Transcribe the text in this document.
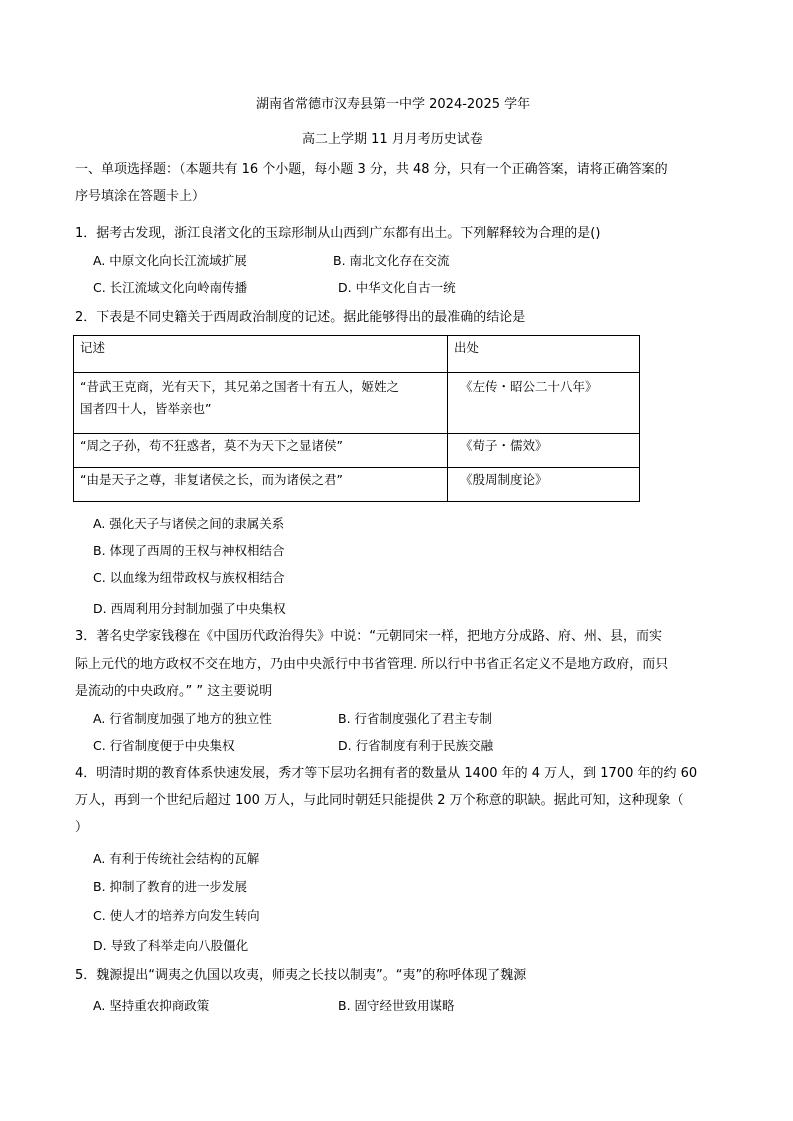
湖南省常德市汉寿县第一中学 2024-2025 学年
高二上学期 11 月月考历史试卷
一、单项选择题：（本题共有 16 个小题，每小题 3 分，共 48 分，只有一个正确答案，请将正确答案的
序号填涂在答题卡上）
1．据考古发现，浙江良渚文化的玉琮形制从山西到广东都有出土。下列解释较为合理的是()
A. 中原文化向长江流域扩展	B. 南北文化存在交流
C. 长江流域文化向岭南传播	D. 中华文化自古一统
2．下表是不同史籍关于西周政治制度的记述。据此能够得出的最准确的结论是
记述	出处

“昔武王克商，光有天下，其兄弟之国者十有五人，姬姓之
国者四十人，皆举亲也”	《左传・昭公二十八年》
“周之子孙，苟不狂惑者，莫不为天下之显诸侯”	《荀子・儒效》
“由是天子之尊，非复诸侯之长，而为诸侯之君”	《殷周制度论》
A. 强化天子与诸侯之间的隶属关系
B. 体现了西周的王权与神权相结合
C. 以血缘为纽带政权与族权相结合
D. 西周利用分封制加强了中央集权
3．著名史学家钱穆在《中国历代政治得失》中说：“元朝同宋一样，把地方分成路、府、州、县，而实
际上元代的地方政权不交在地方，乃由中央派行中书省管理. 所以行中书省正名定义不是地方政府，而只
是流动的中央政府。” ” 这主要说明
A. 行省制度加强了地方的独立性	B. 行省制度强化了君主专制
C. 行省制度便于中央集权	D. 行省制度有利于民族交融
4．明清时期的教育体系快速发展，秀才等下层功名拥有者的数量从 1400 年的 4 万人，到 1700 年的约 60
万人，再到一个世纪后超过 100 万人，与此同时朝廷只能提供 2 万个称意的职缺。据此可知，这种现象（
）
A. 有利于传统社会结构的瓦解
B. 抑制了教育的进一步发展
C. 使人才的培养方向发生转向
D. 导致了科举走向八股僵化
5．魏源提出“调夷之仇国以攻夷，师夷之长技以制夷”。“夷”的称呼体现了魏源
A. 坚持重农抑商政策	B. 固守经世致用谋略
